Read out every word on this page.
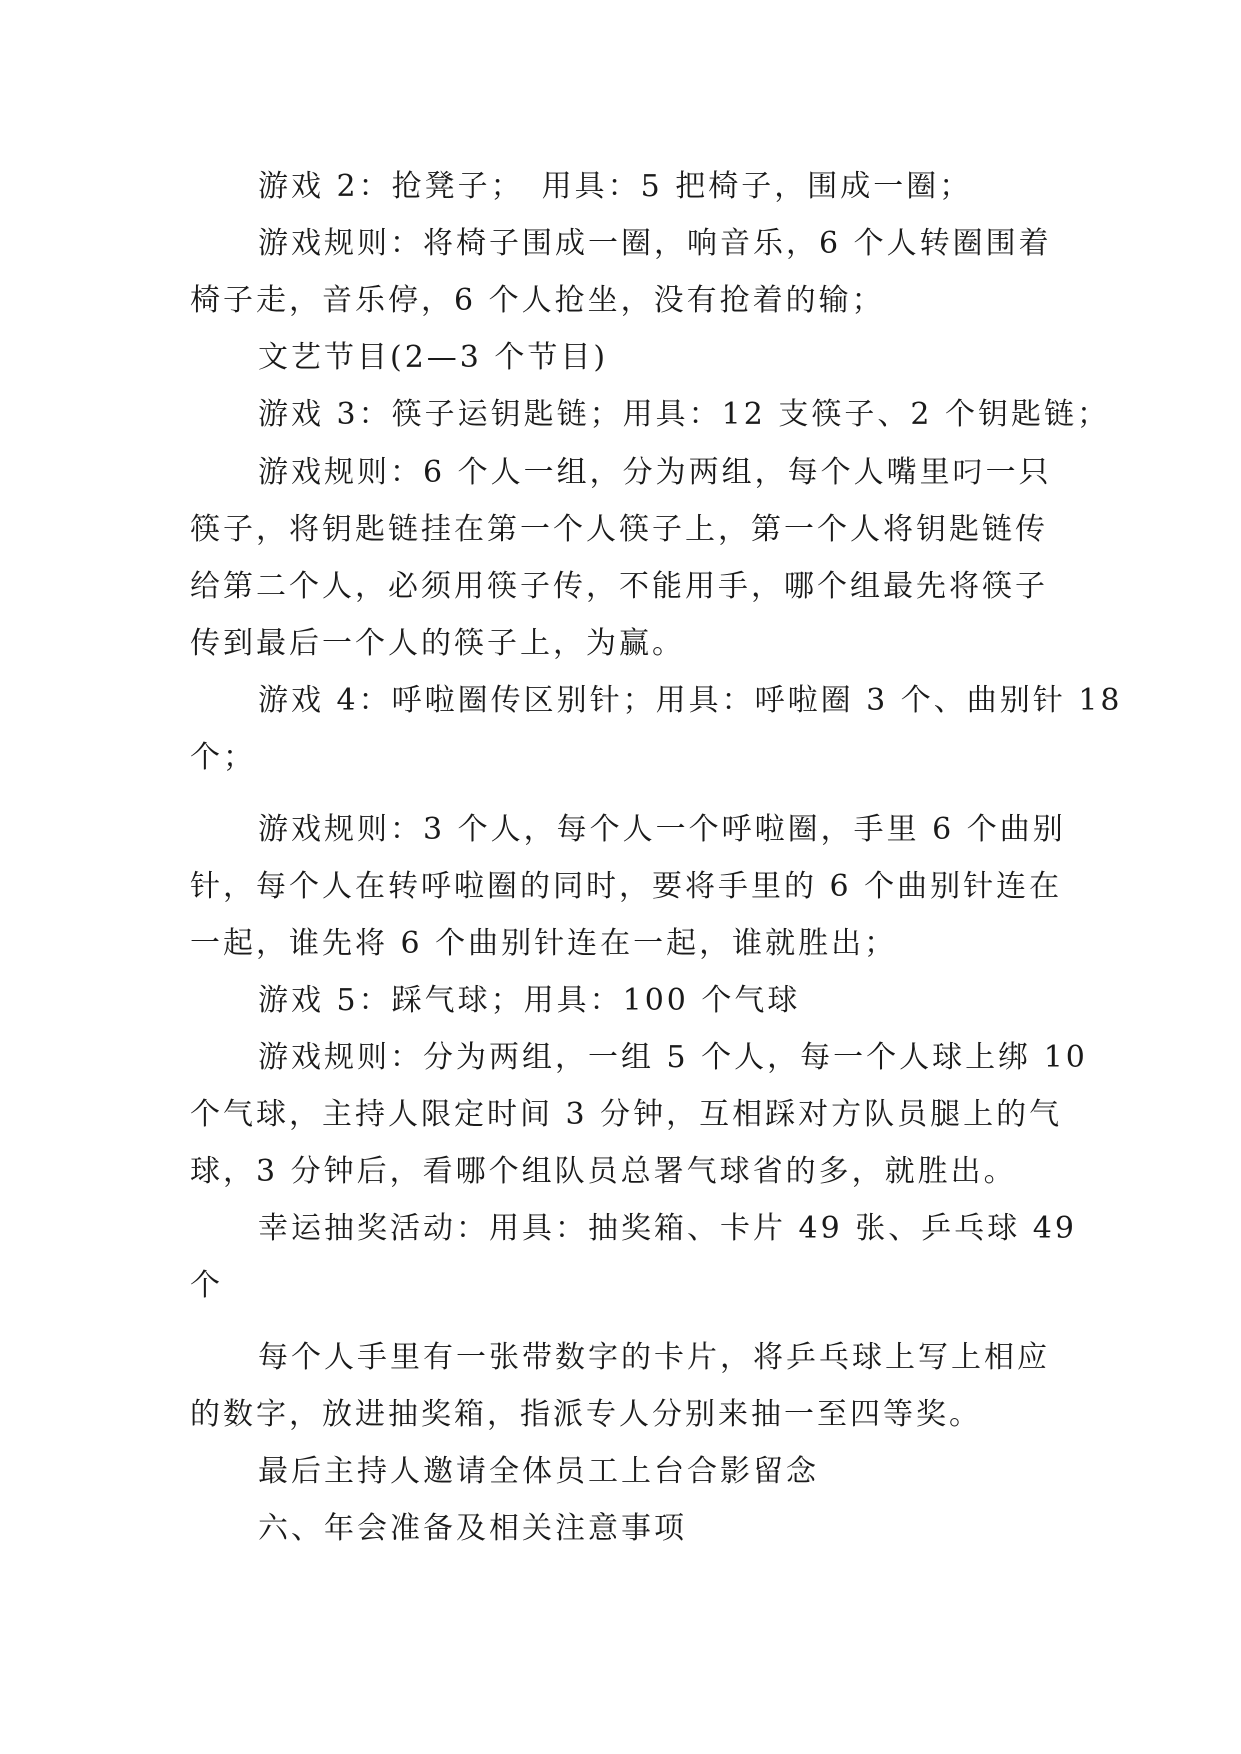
游戏 2：抢凳子；　用具：5 把椅子，围成一圈；
游戏规则：将椅子围成一圈，响音乐，6 个人转圈围着
椅子走，音乐停，6 个人抢坐，没有抢着的输；
文艺节目(2—3 个节目)
游戏 3：筷子运钥匙链；用具：12 支筷子、2 个钥匙链；
游戏规则：6 个人一组，分为两组，每个人嘴里叼一只
筷子，将钥匙链挂在第一个人筷子上，第一个人将钥匙链传
给第二个人，必须用筷子传，不能用手，哪个组最先将筷子
传到最后一个人的筷子上，为赢。
游戏 4：呼啦圈传区别针；用具：呼啦圈 3 个、曲别针 18
个；
游戏规则：3 个人，每个人一个呼啦圈，手里 6 个曲别
针，每个人在转呼啦圈的同时，要将手里的 6 个曲别针连在
一起，谁先将 6 个曲别针连在一起，谁就胜出；
游戏 5：踩气球；用具：100 个气球
游戏规则：分为两组，一组 5 个人，每一个人球上绑 10
个气球，主持人限定时间 3 分钟，互相踩对方队员腿上的气
球，3 分钟后，看哪个组队员总署气球省的多，就胜出。
幸运抽奖活动：用具：抽奖箱、卡片 49 张、乒乓球 49
个
每个人手里有一张带数字的卡片，将乒乓球上写上相应
的数字，放进抽奖箱，指派专人分别来抽一至四等奖。
最后主持人邀请全体员工上台合影留念
六、年会准备及相关注意事项
